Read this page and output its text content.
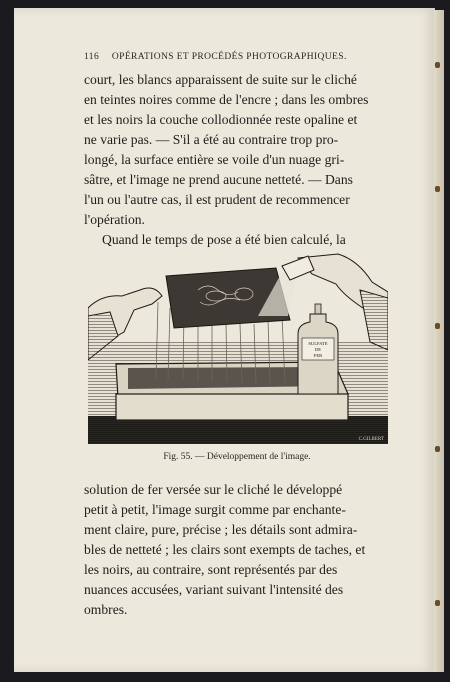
116 OPÉRATIONS ET PROCÉDÉS PHOTOGRAPHIQUES.
court, les blancs apparaissent de suite sur le cliché
en teintes noires comme de l'encre ; dans les ombres
et les noirs la couche collodionnée reste opaline et
ne varie pas. — S'il a été au contraire trop pro-
longé, la surface entière se voile d'un nuage gri-
sâtre, et l'image ne prend aucune netteté. — Dans
l'un ou l'autre cas, il est prudent de recommencer
l'opération.
Quand le temps de pose a été bien calculé, la
SULFATE
DE
FER
C.GILBERT
Fig. 55. — Développement de l'image.
solution de fer versée sur le cliché le développé
petit à petit, l'image surgit comme par enchante-
ment claire, pure, précise ; les détails sont admira-
bles de netteté ; les clairs sont exempts de taches, et
les noirs, au contraire, sont représentés par des
nuances accusées, variant suivant l'intensité des
ombres.
